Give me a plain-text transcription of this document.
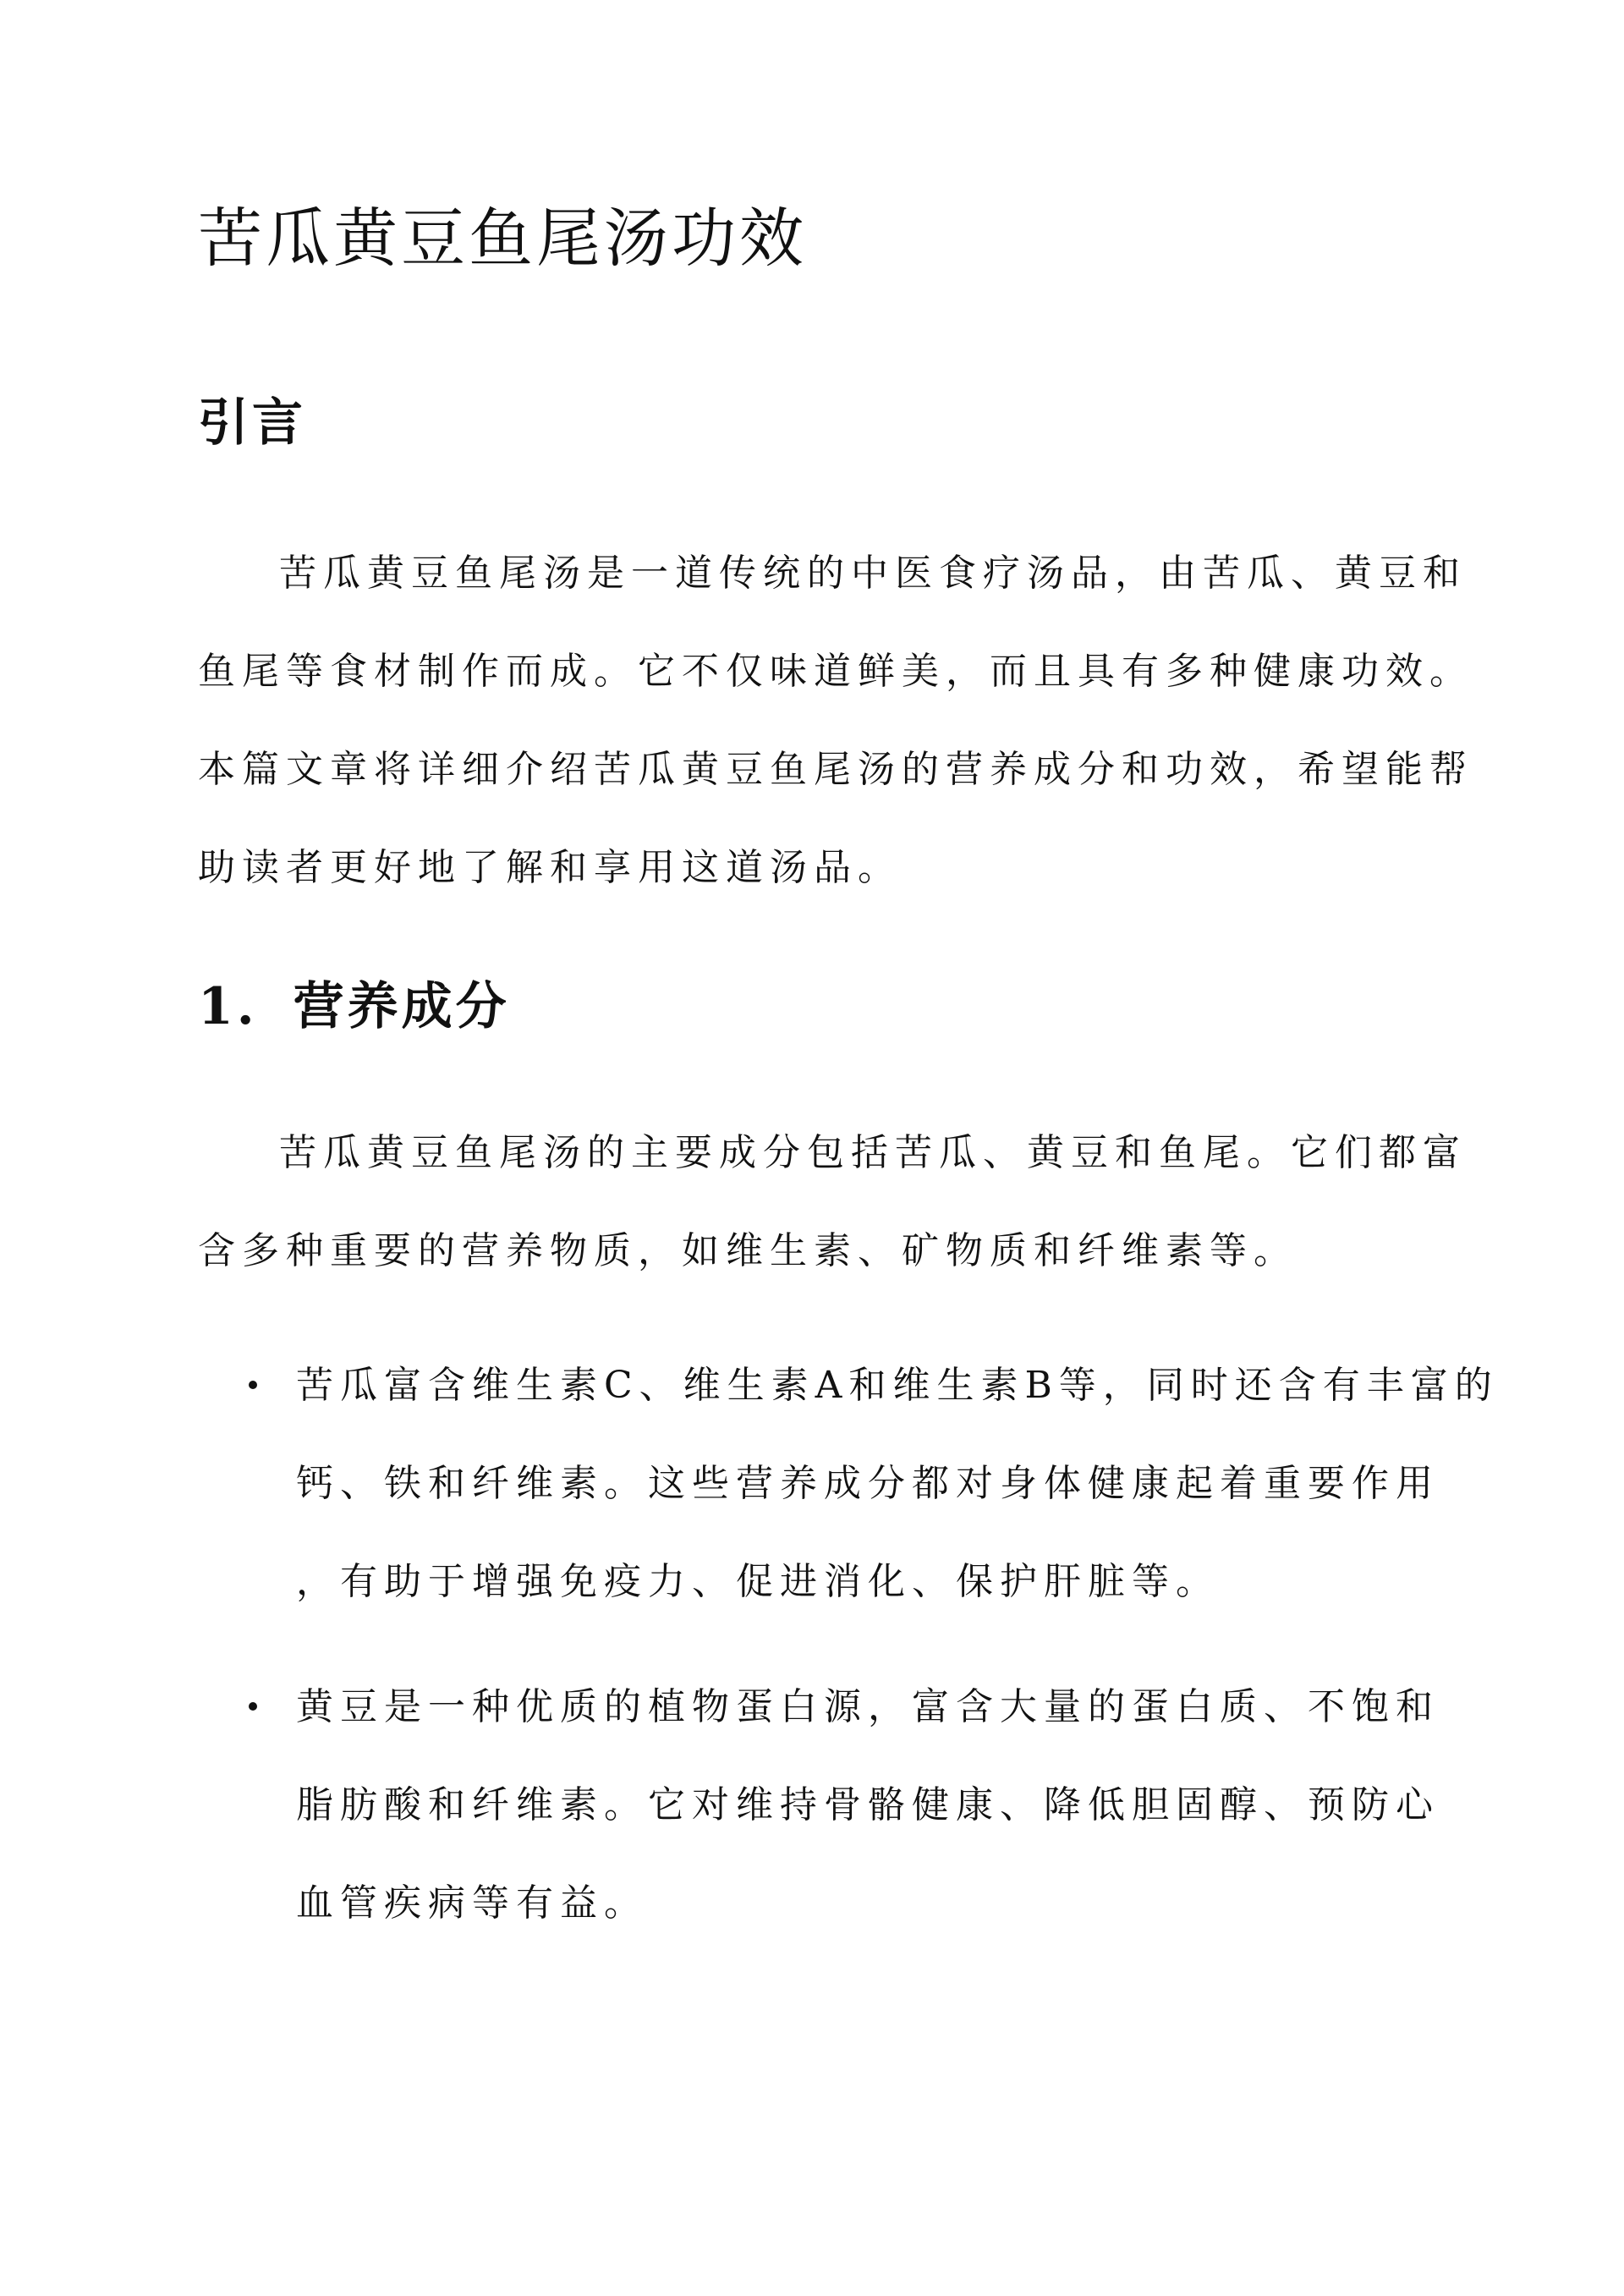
苦瓜黄豆鱼尾汤功效
引言

苦瓜黄豆鱼尾汤是一道传统的中医食疗汤品，由苦瓜、黄豆和
鱼尾等食材制作而成。它不仅味道鲜美，而且具有多种健康功效。
本篇文章将详细介绍苦瓜黄豆鱼尾汤的营养成分和功效，希望能帮
助读者更好地了解和享用这道汤品。

1. 营养成分

苦瓜黄豆鱼尾汤的主要成分包括苦瓜、黄豆和鱼尾。它们都富
含多种重要的营养物质，如维生素、矿物质和纤维素等。

苦瓜富含维生素C、维生素A和维生素B等，同时还含有丰富的
钙、铁和纤维素。这些营养成分都对身体健康起着重要作用
，有助于增强免疫力、促进消化、保护肝脏等。
黄豆是一种优质的植物蛋白源，富含大量的蛋白质、不饱和
脂肪酸和纤维素。它对维持骨骼健康、降低胆固醇、预防心
血管疾病等有益。
